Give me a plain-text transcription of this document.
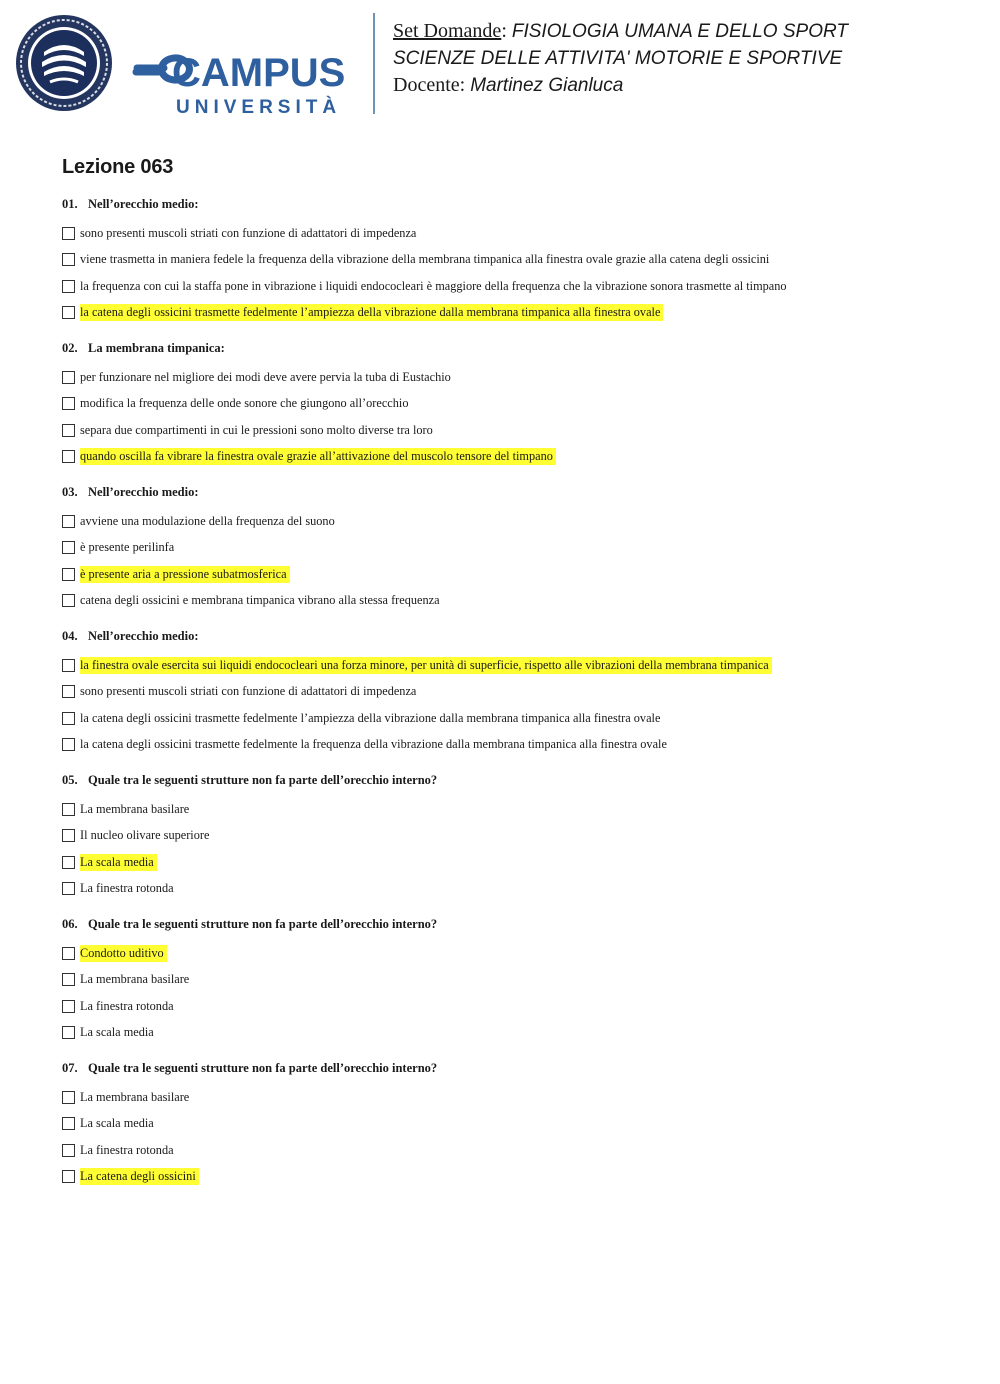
CAMPUS
UNIVERSITÀ
Set Domande: FISIOLOGIA UMANA E DELLO SPORT
SCIENZE DELLE ATTIVITA' MOTORIE E SPORTIVE
Docente: Martinez Gianluca
Lezione 063
01. Nell’orecchio medio:
sono presenti muscoli striati con funzione di adattatori di impedenza
viene trasmetta in maniera fedele la frequenza della vibrazione della membrana timpanica alla finestra ovale grazie alla catena degli ossicini
la frequenza con cui la staffa pone in vibrazione i liquidi endococleari è maggiore della frequenza che la vibrazione sonora trasmette al timpano
la catena degli ossicini trasmette fedelmente l’ampiezza della vibrazione dalla membrana timpanica alla finestra ovale
02. La membrana timpanica:
per funzionare nel migliore dei modi deve avere pervia la tuba di Eustachio
modifica la frequenza delle onde sonore che giungono all’orecchio
separa due compartimenti in cui le pressioni sono molto diverse tra loro
quando oscilla fa vibrare la finestra ovale grazie all’attivazione del muscolo tensore del timpano
03. Nell’orecchio medio:
avviene una modulazione della frequenza del suono
è presente perilinfa
è presente aria a pressione subatmosferica
catena degli ossicini e membrana timpanica vibrano alla stessa frequenza
04. Nell’orecchio medio:
la finestra ovale esercita sui liquidi endococleari una forza minore, per unità di superficie, rispetto alle vibrazioni della membrana timpanica
sono presenti muscoli striati con funzione di adattatori di impedenza
la catena degli ossicini trasmette fedelmente l’ampiezza della vibrazione dalla membrana timpanica alla finestra ovale
la catena degli ossicini trasmette fedelmente la frequenza della vibrazione dalla membrana timpanica alla finestra ovale
05. Quale tra le seguenti strutture non fa parte dell’orecchio interno?
La membrana basilare
Il nucleo olivare superiore
La scala media
La finestra rotonda
06. Quale tra le seguenti strutture non fa parte dell’orecchio interno?
Condotto uditivo
La membrana basilare
La finestra rotonda
La scala media
07. Quale tra le seguenti strutture non fa parte dell’orecchio interno?
La membrana basilare
La scala media
La finestra rotonda
La catena degli ossicini
